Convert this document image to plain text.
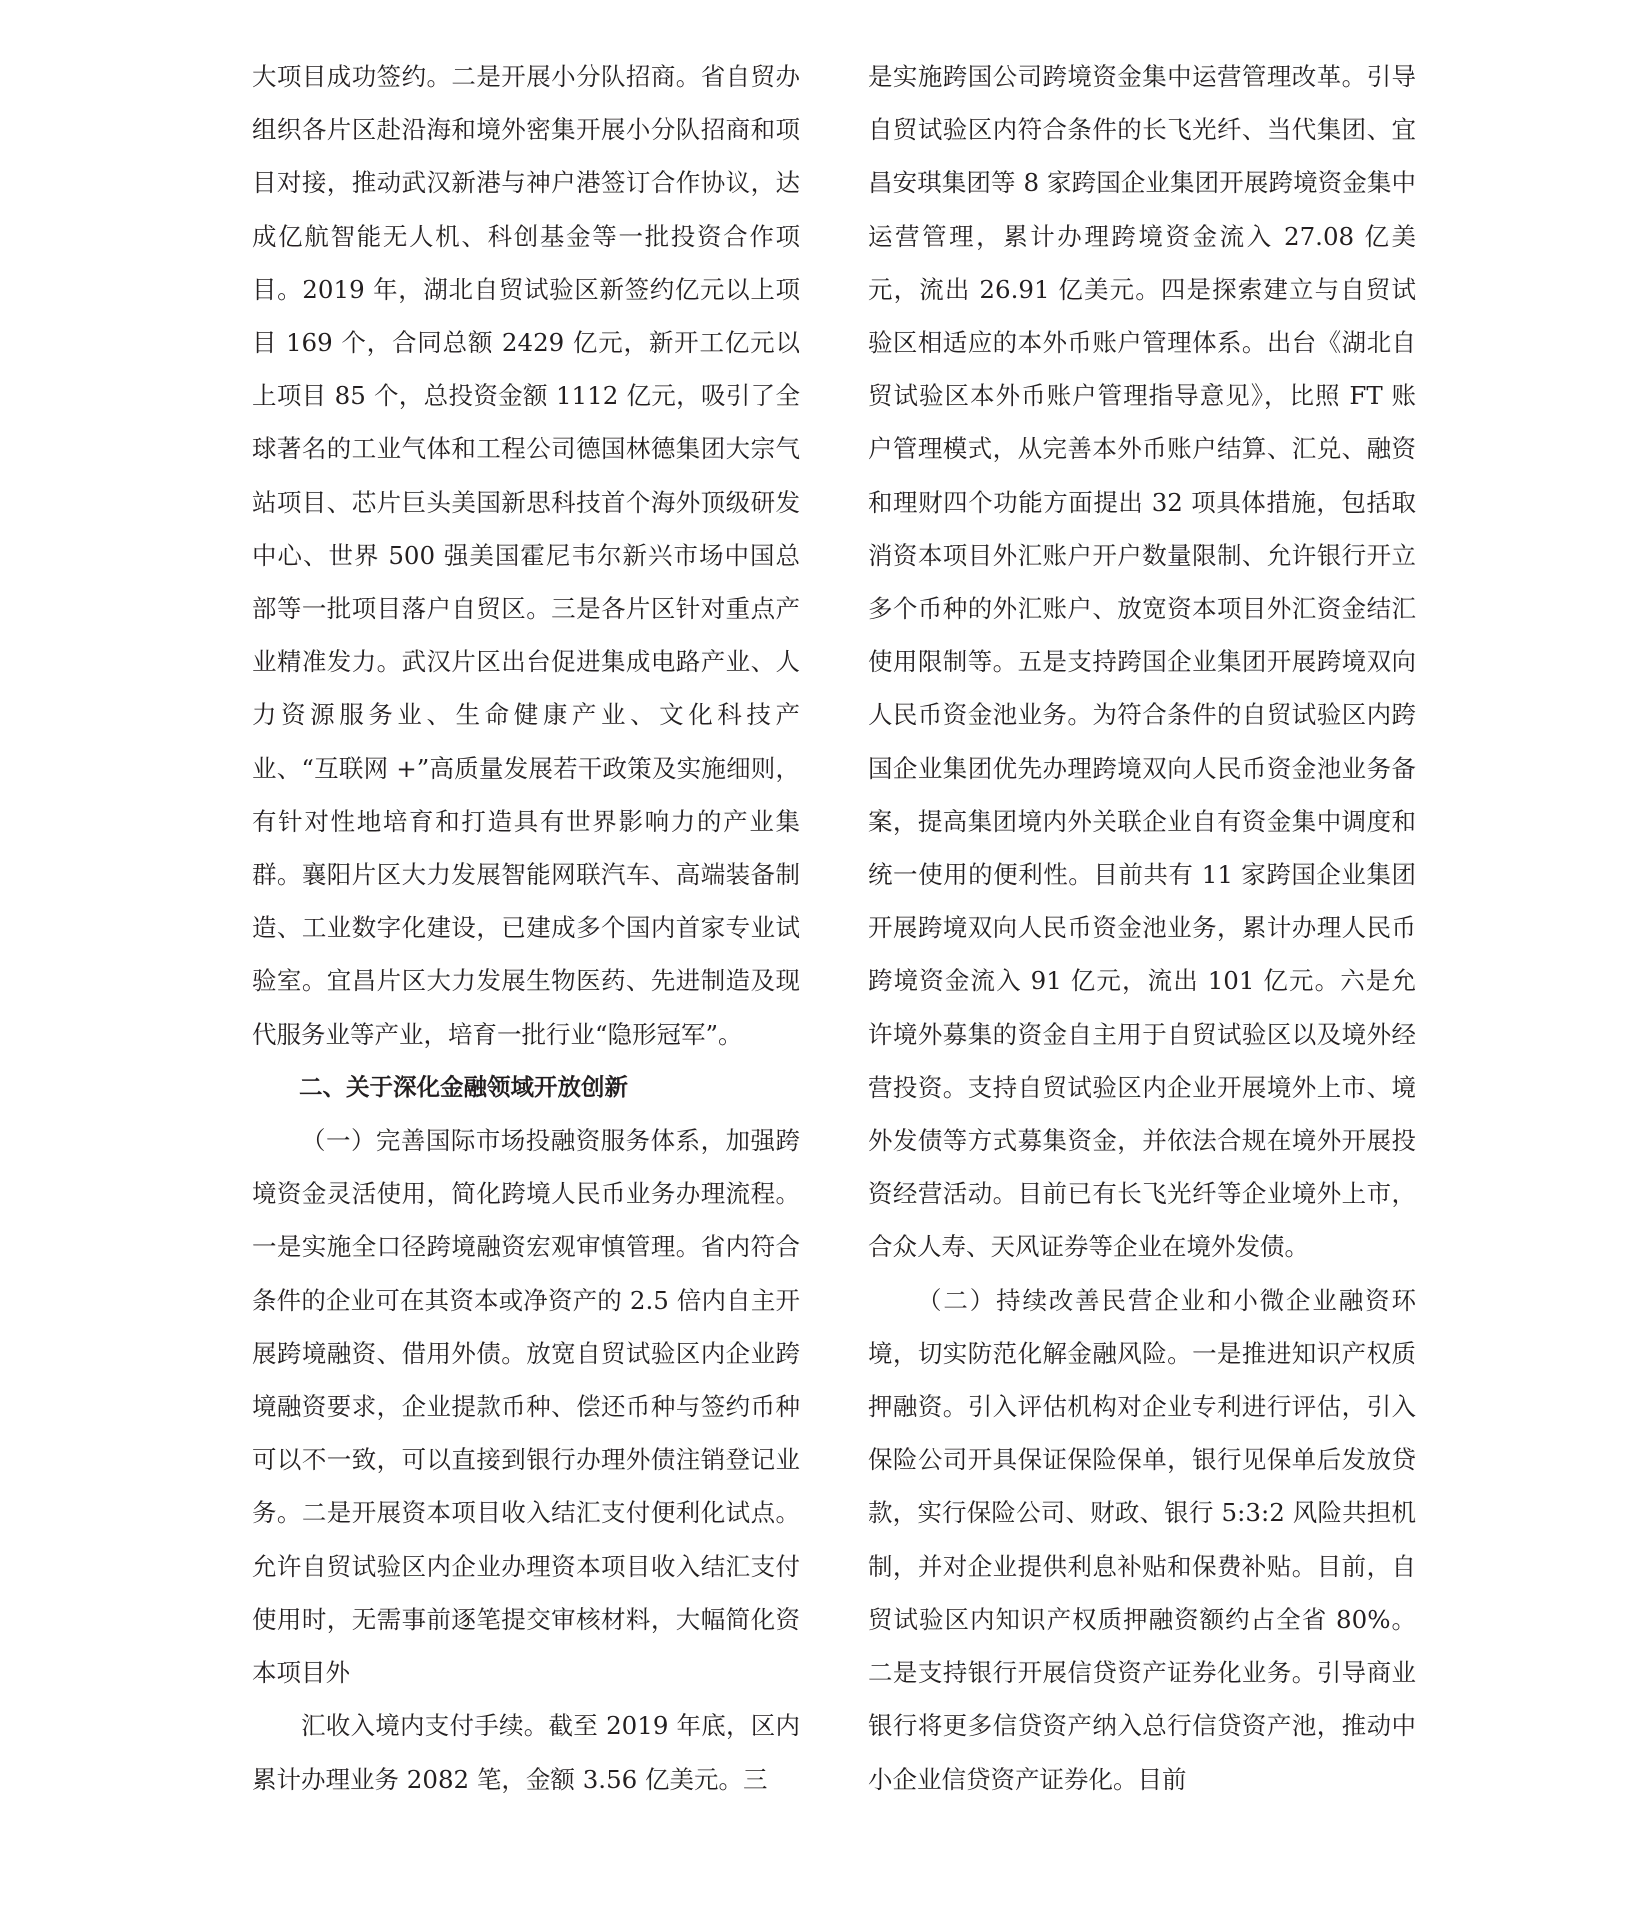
大项目成功签约。二是开展小分队招商。省自贸办组织各片区赴沿海和境外密集开展小分队招商和项目对接，推动武汉新港与神户港签订合作协议，达成亿航智能无人机、科创基金等一批投资合作项目。2019 年，湖北自贸试验区新签约亿元以上项目 169 个，合同总额 2429 亿元，新开工亿元以上项目 85 个，总投资金额 1112 亿元，吸引了全球著名的工业气体和工程公司德国林德集团大宗气站项目、芯片巨头美国新思科技首个海外顶级研发中心、世界 500 强美国霍尼韦尔新兴市场中国总部等一批项目落户自贸区。三是各片区针对重点产业精准发力。武汉片区出台促进集成电路产业、人力资源服务业、生命健康产业、文化科技产业、“互联网 +”高质量发展若干政策及实施细则，有针对性地培育和打造具有世界影响力的产业集群。襄阳片区大力发展智能网联汽车、高端装备制造、工业数字化建设，已建成多个国内首家专业试验室。宜昌片区大力发展生物医药、先进制造及现代服务业等产业，培育一批行业“隐形冠军”。

二、关于深化金融领域开放创新

（一）完善国际市场投融资服务体系，加强跨境资金灵活使用，简化跨境人民币业务办理流程。一是实施全口径跨境融资宏观审慎管理。省内符合条件的企业可在其资本或净资产的 2.5 倍内自主开展跨境融资、借用外债。放宽自贸试验区内企业跨境融资要求，企业提款币种、偿还币种与签约币种可以不一致，可以直接到银行办理外债注销登记业务。二是开展资本项目收入结汇支付便利化试点。允许自贸试验区内企业办理资本项目收入结汇支付使用时，无需事前逐笔提交审核材料，大幅简化资本项目外

汇收入境内支付手续。截至 2019 年底，区内累计办理业务 2082 笔，金额 3.56 亿美元。三

是实施跨国公司跨境资金集中运营管理改革。引导自贸试验区内符合条件的长飞光纤、当代集团、宜昌安琪集团等 8 家跨国企业集团开展跨境资金集中运营管理，累计办理跨境资金流入 27.08 亿美元，流出 26.91 亿美元。四是探索建立与自贸试验区相适应的本外币账户管理体系。出台《湖北自贸试验区本外币账户管理指导意见》，比照 FT 账户管理模式，从完善本外币账户结算、汇兑、融资和理财四个功能方面提出 32 项具体措施，包括取消资本项目外汇账户开户数量限制、允许银行开立多个币种的外汇账户、放宽资本项目外汇资金结汇使用限制等。五是支持跨国企业集团开展跨境双向人民币资金池业务。为符合条件的自贸试验区内跨国企业集团优先办理跨境双向人民币资金池业务备案，提高集团境内外关联企业自有资金集中调度和统一使用的便利性。目前共有 11 家跨国企业集团开展跨境双向人民币资金池业务，累计办理人民币跨境资金流入 91 亿元，流出 101 亿元。六是允许境外募集的资金自主用于自贸试验区以及境外经营投资。支持自贸试验区内企业开展境外上市、境外发债等方式募集资金，并依法合规在境外开展投资经营活动。目前已有长飞光纤等企业境外上市，合众人寿、天风证券等企业在境外发债。

（二）持续改善民营企业和小微企业融资环境，切实防范化解金融风险。一是推进知识产权质押融资。引入评估机构对企业专利进行评估，引入保险公司开具保证保险保单，银行见保单后发放贷款，实行保险公司、财政、银行 5:3:2 风险共担机制，并对企业提供利息补贴和保费补贴。目前，自贸试验区内知识产权质押融资额约占全省 80%。二是支持银行开展信贷资产证券化业务。引导商业银行将更多信贷资产纳入总行信贷资产池，推动中小企业信贷资产证券化。目前
